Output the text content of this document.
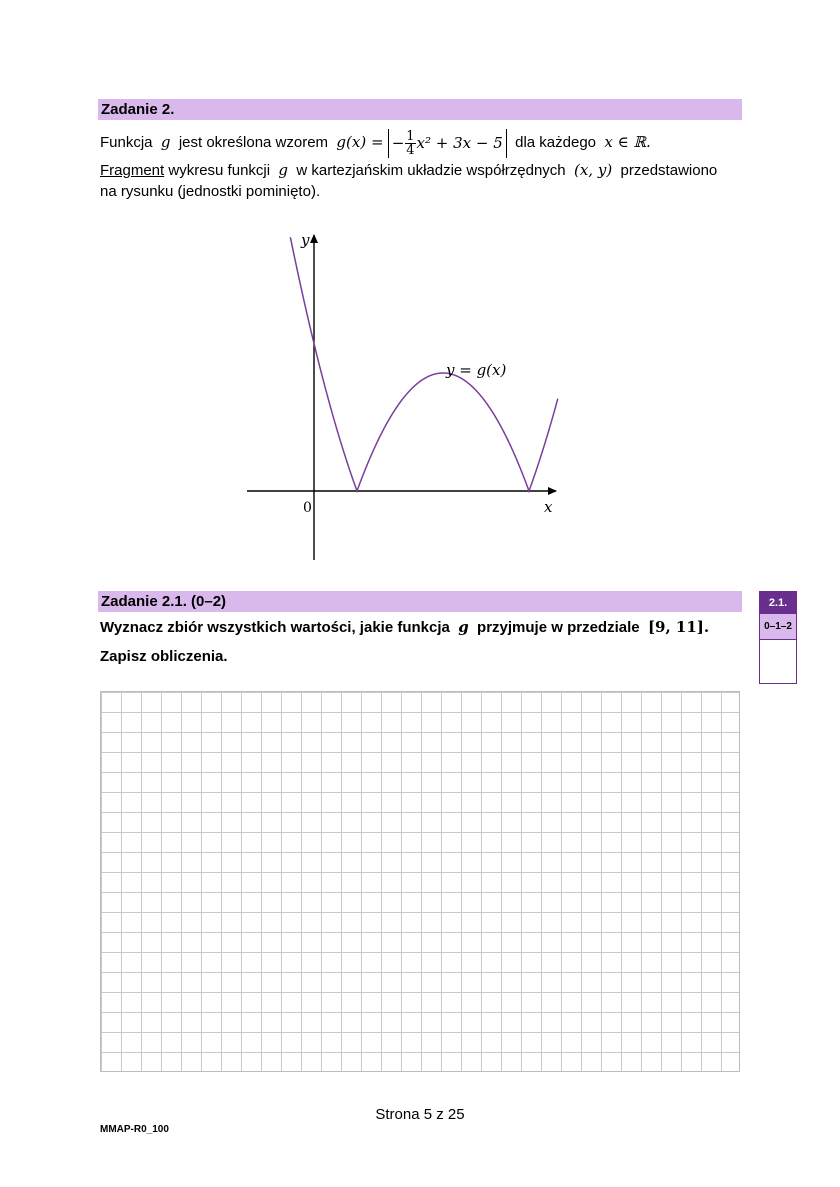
Zadanie 2.
Funkcja g jest określona wzorem g(x) = − $\frac{1}{4} x^2 + 3x - 5$ dla każdego x ∈ ℝ.
Fragment wykresu funkcji g w kartezjańskim układzie współrzędnych (x, y) przedstawiono
na rysunku (jednostki pominięto).
y
x
0
y = g(x)
Zadanie 2.1. (0–2)
Wyznacz zbiór wszystkich wartości, jakie funkcja g przyjmuje w przedziale [9, 11].
Zapisz obliczenia.
2.1.
0–1–2
Strona 5 z 25
MMAP-R0_100
